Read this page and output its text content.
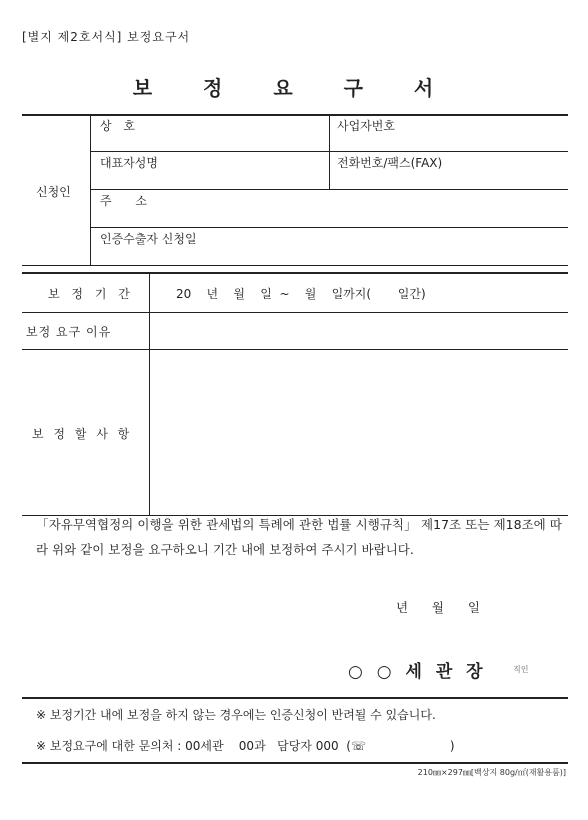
[별지 제2호서식] 보정요구서
보 정 요 구 서
신청인
상 호	사업자번호
대표자성명	전화번호/팩스(FAX)
주 소
인증수출자 신청일
보 정 기 간	20    년    월    일  ~    월    일까지(       일간)
보정 요구 이유
보 정 할 사 항
「자유무역협정의 이행을 위한 관세법의 특례에 관한 법률 시행규칙」 제17조 또는 제18조에 따라 위와 같이 보정을 요구하오니 기간 내에 보정하여 주시기 바랍니다.
년      월      일
○ ○ 세 관 장	직인
※ 보정기간 내에 보정을 하지 않는 경우에는 인증신청이 반려될 수 있습니다.
※ 보정요구에 대한 문의처 : 00세관    00과   담당자 000  (☏                      )
210㎜×297㎜[백상지 80g/㎡(재활용품)]
